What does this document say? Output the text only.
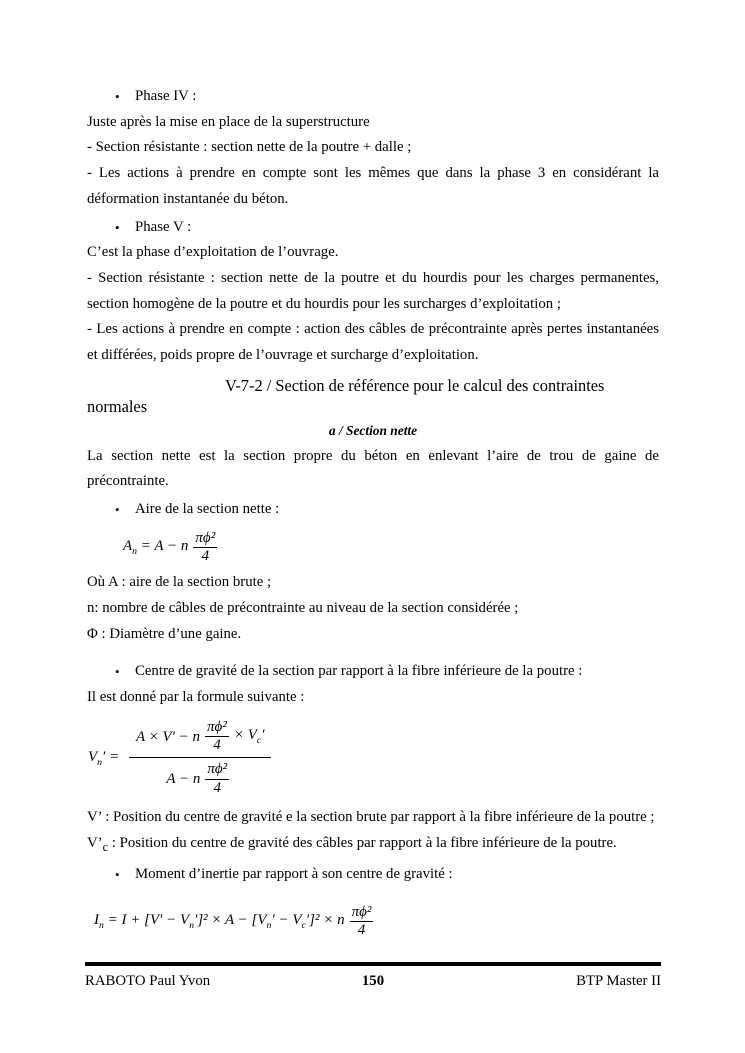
•	Phase IV :

Juste après la mise en place de la superstructure

- Section résistante : section nette de la poutre + dalle ;

- Les actions à prendre en compte sont les mêmes que dans la phase 3 en considérant la déformation instantanée du béton.

•	Phase V :

C’est la phase d’exploitation de l’ouvrage.

- Section résistante : section nette de la poutre et du hourdis pour les charges permanentes, section homogène de la poutre et du hourdis pour les surcharges d’exploitation ;

- Les actions à prendre en compte : action des câbles de précontrainte après pertes instantanées et différées, poids propre de l’ouvrage et surcharge d’exploitation.

V-7-2 / Section de référence pour le calcul des contraintes
normales
a / Section nette

La section nette est la section propre du béton en enlevant l’aire de trou de gaine de précontrainte.

•	Aire de la section nette :
$A_n = A - n \frac{\text{πϕ²}}{4}$

Où A : aire de la section brute ;

n: nombre de câbles de précontrainte au niveau de la section considérée ;

Φ : Diamètre d’une gaine.

•	Centre de gravité de la section par rapport à la fibre inférieure de la poutre :

Il est donné par la formule suivante :

$V_n'$ =
A × V′ − n $\frac{\text{πϕ²}}{4} \times V_c'$
A − n $\frac{\text{πϕ²}}{4}$

V’ : Position du centre de gravité e la section brute par rapport à la fibre inférieure de la poutre ;

$V’_c$ : Position du centre de gravité des câbles par rapport à la fibre inférieure de la poutre.

•	Moment d’inertie par rapport à son centre de gravité :
$I_n = I + [V' - V_n']^2 \times A - [V_n' - V_c']^2 \times n \frac{\text{πϕ²}}{4}$
RABOTO Paul Yvon	150	BTP Master II
